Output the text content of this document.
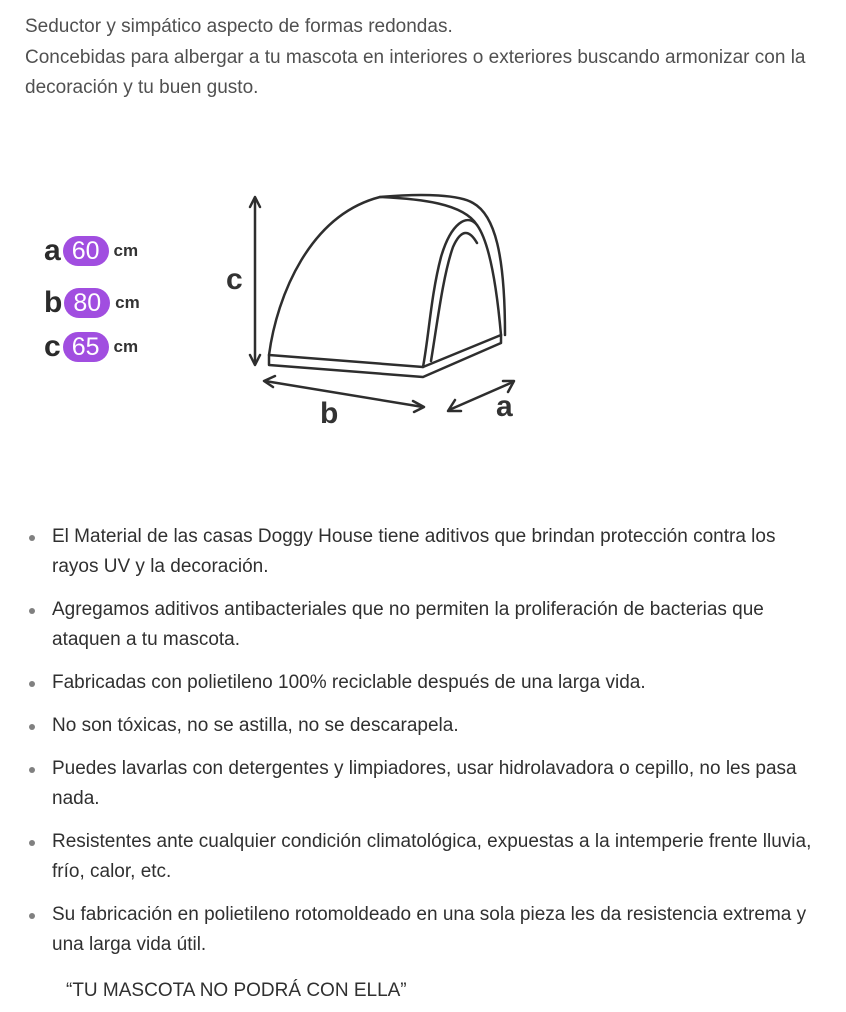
Seductor y simpático aspecto de formas redondas.

Concebidas para albergar a tu mascota en interiores o exteriores buscando armonizar con la decoración y tu buen gusto.

a 60 cm
b 80 cm
c 65 cm
c
b	a
El Material de las casas Doggy House tiene aditivos que brindan protección contra los rayos UV y la decoración.
Agregamos aditivos antibacteriales que no permiten la proliferación de bacterias que ataquen a tu mascota.
Fabricadas con polietileno 100% reciclable después de una larga vida.
No son tóxicas, no se astilla, no se descarapela.
Puedes lavarlas con detergentes y limpiadores, usar hidrolavadora o cepillo, no les pasa nada.
Resistentes ante cualquier condición climatológica, expuestas a la intemperie frente lluvia, frío, calor, etc.
Su fabricación en polietileno rotomoldeado en una sola pieza les da resistencia extrema y una larga vida útil.
“TU MASCOTA NO PODRÁ CON ELLA”
